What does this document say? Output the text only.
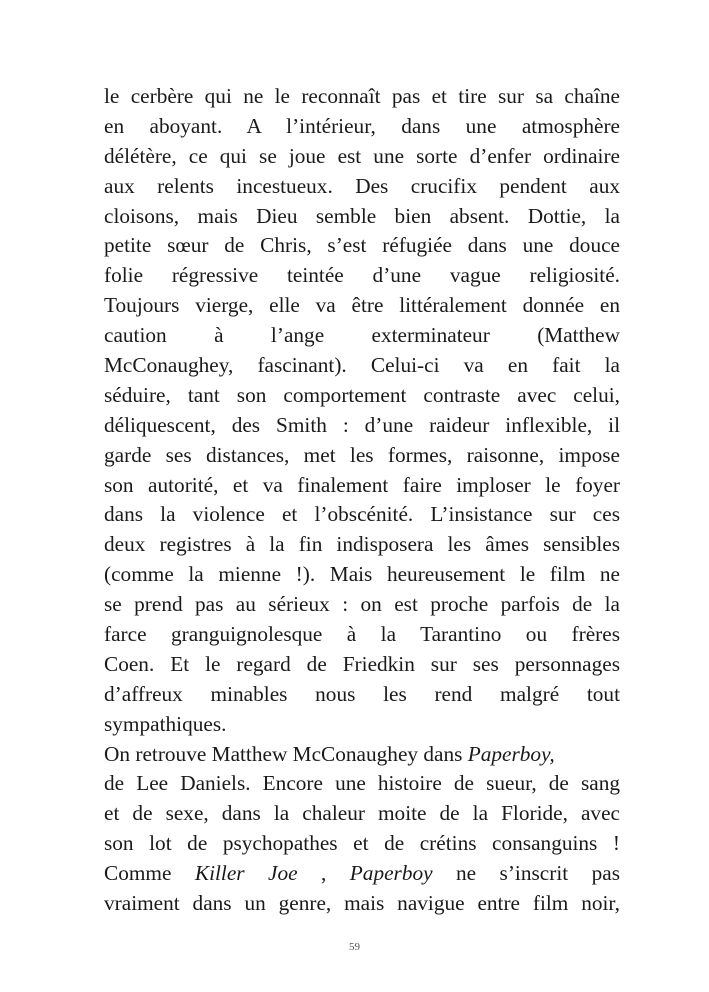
le cerbère qui ne le reconnaît pas et tire sur sa chaîne
en aboyant. A l’intérieur, dans une atmosphère
délétère, ce qui se joue est une sorte d’enfer ordinaire
aux relents incestueux. Des crucifix pendent aux
cloisons, mais Dieu semble bien absent. Dottie, la
petite sœur de Chris, s’est réfugiée dans une douce
folie régressive teintée d’une vague religiosité.
Toujours vierge, elle va être littéralement donnée en
caution à l’ange exterminateur (Matthew
McConaughey, fascinant). Celui-ci va en fait la
séduire, tant son comportement contraste avec celui,
déliquescent, des Smith : d’une raideur inflexible, il
garde ses distances, met les formes, raisonne, impose
son autorité, et va finalement faire imploser le foyer
dans la violence et l’obscénité. L’insistance sur ces
deux registres à la fin indisposera les âmes sensibles
(comme la mienne !). Mais heureusement le film ne
se prend pas au sérieux : on est proche parfois de la
farce granguignolesque à la Tarantino ou frères
Coen. Et le regard de Friedkin sur ses personnages
d’affreux minables nous les rend malgré tout
sympathiques.
On retrouve Matthew McConaughey dans Paperboy,
de Lee Daniels. Encore une histoire de sueur, de sang
et de sexe, dans la chaleur moite de la Floride, avec
son lot de psychopathes et de crétins consanguins !
Comme Killer Joe , Paperboy ne s’inscrit pas
vraiment dans un genre, mais navigue entre film noir,
59
